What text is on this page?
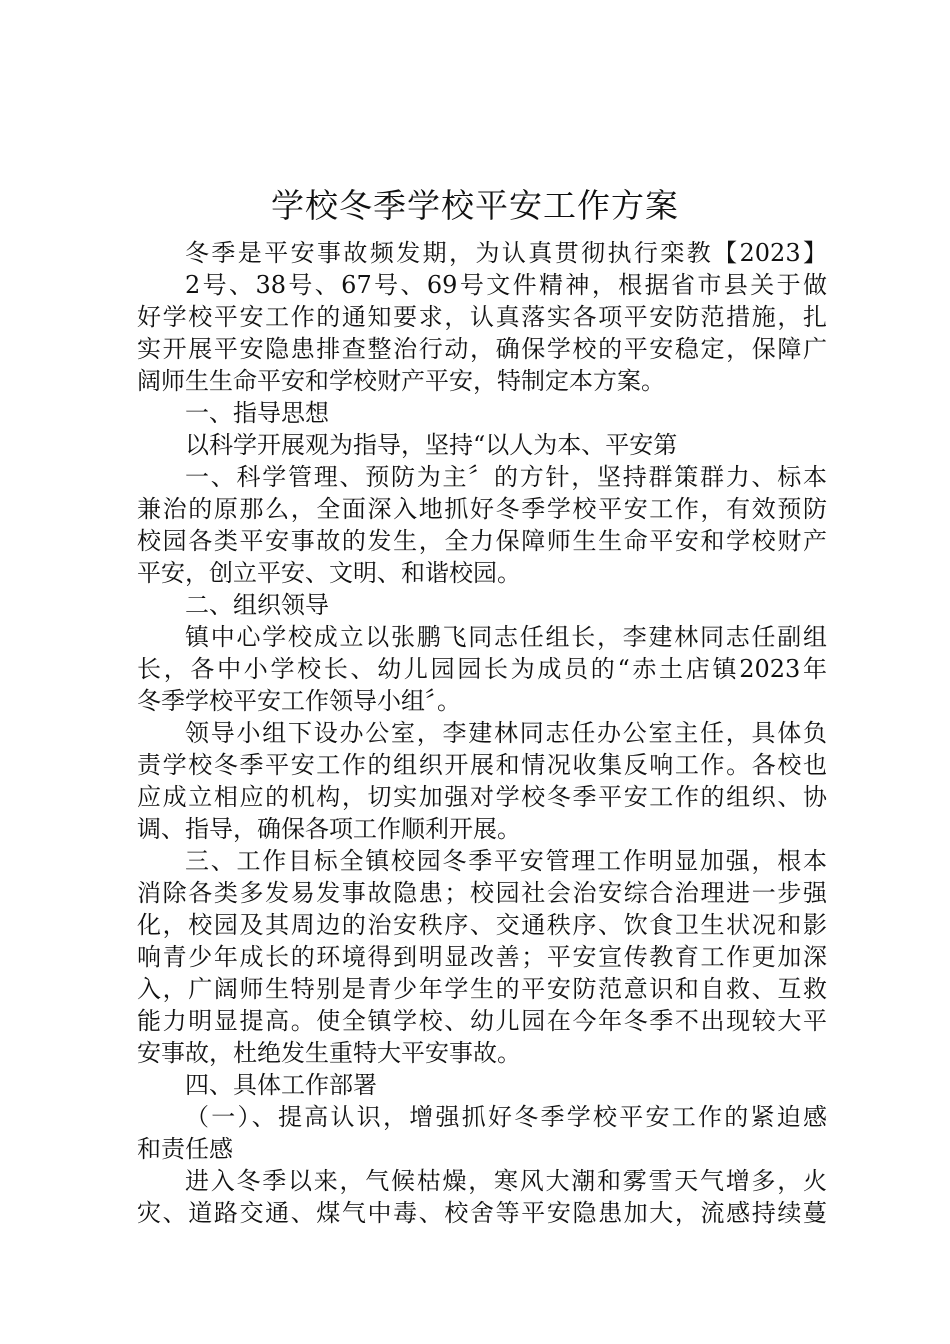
学校冬季学校平安工作方案

冬季是平安事故频发期，为认真贯彻执行栾教【2023】

2号、38号、67号、69号文件精神，根据省市县关于做

好学校平安工作的通知要求，认真落实各项平安防范措施，扎

实开展平安隐患排查整治行动，确保学校的平安稳定，保障广

阔师生生命平安和学校财产平安，特制定本方案。

一、指导思想

以科学开展观为指导，坚持“以人为本、平安第

一、科学管理、预防为主〞的方针，坚持群策群力、标本

兼治的原那么，全面深入地抓好冬季学校平安工作，有效预防

校园各类平安事故的发生，全力保障师生生命平安和学校财产

平安，创立平安、文明、和谐校园。

二、组织领导

镇中心学校成立以张鹏飞同志任组长，李建林同志任副组

长，各中小学校长、幼儿园园长为成员的“赤土店镇2023年

冬季学校平安工作领导小组〞。

领导小组下设办公室，李建林同志任办公室主任，具体负

责学校冬季平安工作的组织开展和情况收集反响工作。各校也

应成立相应的机构，切实加强对学校冬季平安工作的组织、协

调、指导，确保各项工作顺利开展。

三、工作目标全镇校园冬季平安管理工作明显加强，根本

消除各类多发易发事故隐患；校园社会治安综合治理进一步强

化，校园及其周边的治安秩序、交通秩序、饮食卫生状况和影

响青少年成长的环境得到明显改善；平安宣传教育工作更加深

入，广阔师生特别是青少年学生的平安防范意识和自救、互救

能力明显提高。使全镇学校、幼儿园在今年冬季不出现较大平

安事故，杜绝发生重特大平安事故。

四、具体工作部署

（一）、提高认识，增强抓好冬季学校平安工作的紧迫感

和责任感

进入冬季以来，气候枯燥，寒风大潮和雾雪天气增多，火

灾、道路交通、煤气中毒、校舍等平安隐患加大，流感持续蔓
